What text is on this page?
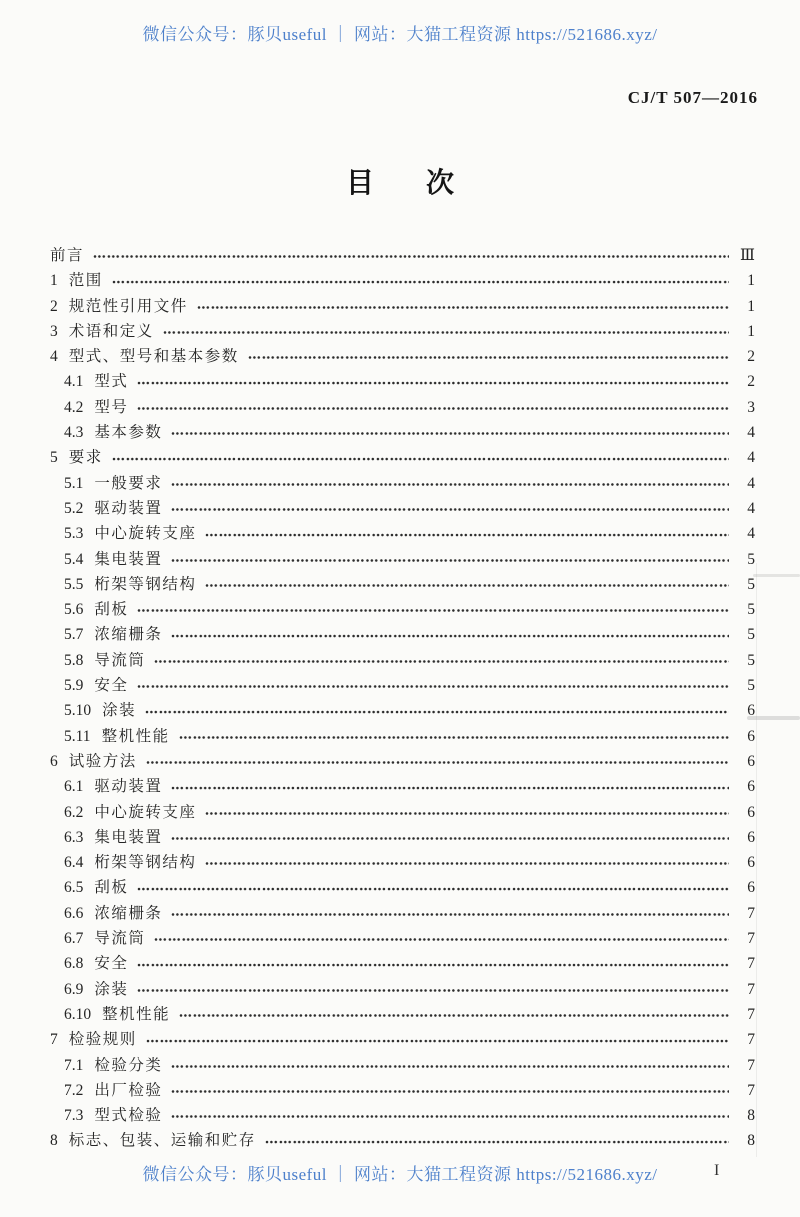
微信公众号：豚贝useful ｜ 网站：大猫工程资源 https://521686.xyz/
CJ/T 507—2016
目　次
前言	Ⅲ
1 范围	1
2 规范性引用文件	1
3 术语和定义	1
4 型式、型号和基本参数	2
4.1 型式	2
4.2 型号	3
4.3 基本参数	4
5 要求	4
5.1 一般要求	4
5.2 驱动装置	4
5.3 中心旋转支座	4
5.4 集电装置	5
5.5 桁架等钢结构	5
5.6 刮板	5
5.7 浓缩栅条	5
5.8 导流筒	5
5.9 安全	5
5.10 涂装	6
5.11 整机性能	6
6 试验方法	6
6.1 驱动装置	6
6.2 中心旋转支座	6
6.3 集电装置	6
6.4 桁架等钢结构	6
6.5 刮板	6
6.6 浓缩栅条	7
6.7 导流筒	7
6.8 安全	7
6.9 涂装	7
6.10 整机性能	7
7 检验规则	7
7.1 检验分类	7
7.2 出厂检验	7
7.3 型式检验	8
8 标志、包装、运输和贮存	8
微信公众号：豚贝useful ｜ 网站：大猫工程资源 https://521686.xyz/	I
